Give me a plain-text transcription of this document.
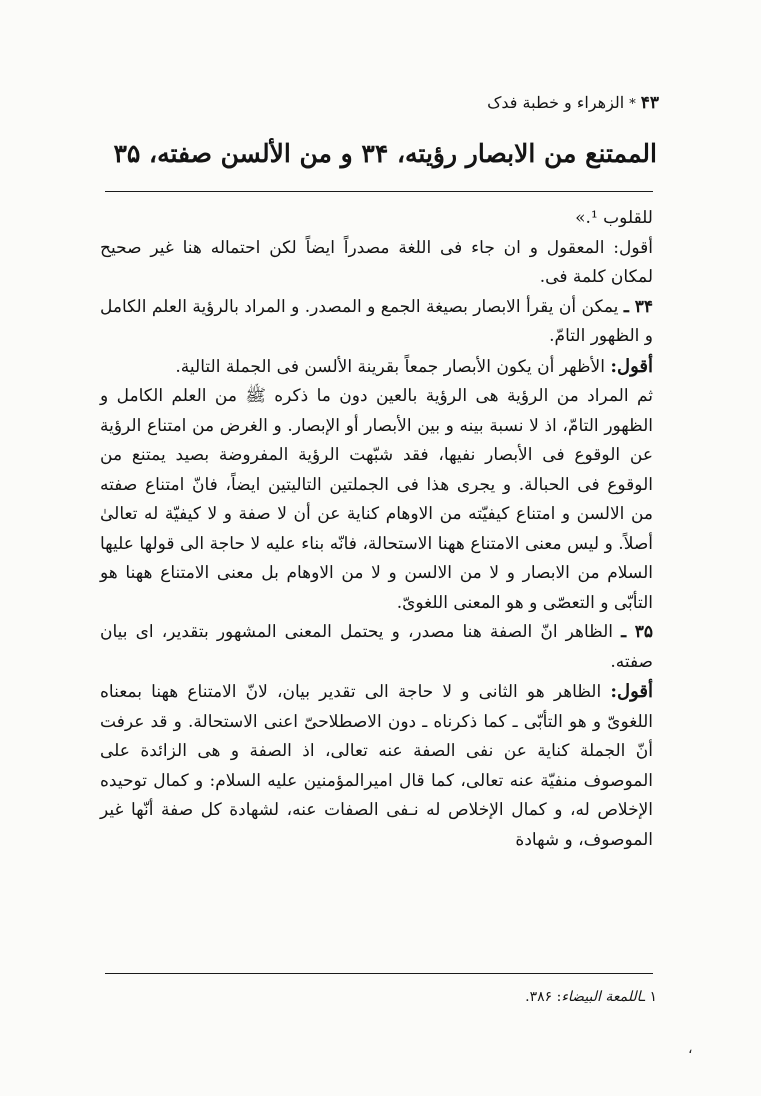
۴۳*الزهراء و خطبة فدک
الممتنع من الابصار رؤیته، ۳۴ و من الألسن صفته، ۳۵

للقلوب ¹.»

أقول: المعقول و ان جاء فی اللغة مصدراً ایضاً لکن احتماله هنا غیر صحیح لمکان کلمة فی.

۳۴ ـ یمکن أن یقرأ الابصار بصیغة الجمع و المصدر. و المراد بالرؤیة العلم الکامل و الظهور التامّ.

أقول: الأظهر أن یکون الأبصار جمعاً بقرینة الألسن فی الجملة التالیة.

ثم المراد من الرؤیة هی الرؤیة بالعین دون ما ذکره ﷺ من العلم الکامل و الظهور التامّ، اذ لا نسبة بینه و بین الأبصار أو الإبصار. و الغرض من امتناع الرؤیة عن الوقوع فی الأبصار نفیها، فقد شبّهت الرؤیة المفروضة بصید یمتنع من الوقوع فی الحبالة. و یجری هذا فی الجملتین التالیتین ایضاً، فانّ امتناع صفته من الالسن و امتناع کیفیّته من الاوهام کنایة عن أن لا صفة و لا کیفیّة له تعالیٰ أصلاً. و لیس معنی الامتناع ههنا الاستحالة، فانّه بناء علیه لا حاجة الی قولها علیها السلام من الابصار و لا من الالسن و لا من الاوهام بل معنی الامتناع ههنا هو التأبّی و التعصّی و هو المعنی اللغویّ.

۳۵ ـ الظاهر انّ الصفة هنا مصدر، و یحتمل المعنی المشهور بتقدیر، ای بیان صفته.

أقول: الظاهر هو الثانی و لا حاجة الی تقدیر بیان، لانّ الامتناع ههنا بمعناه اللغویّ و هو التأبّی ـ کما ذکرناه ـ دون الاصطلاحیّ اعنی الاستحالة. و قد عرفت أنّ الجملة کنایة عن نفی الصفة عنه تعالی، اذ الصفة و هی الزائدة علی الموصوف منفیّة عنه تعالی، کما قال امیرالمؤمنین علیه السلام: و کمال توحیده الإخلاص له، و کمال الإخلاص له نـفی الصفات عنه، لشهادة کل صفة أنّها غیر الموصوف، و شهادة

۱ ـاللمعة البیضاء: ۳۸۶.
،
